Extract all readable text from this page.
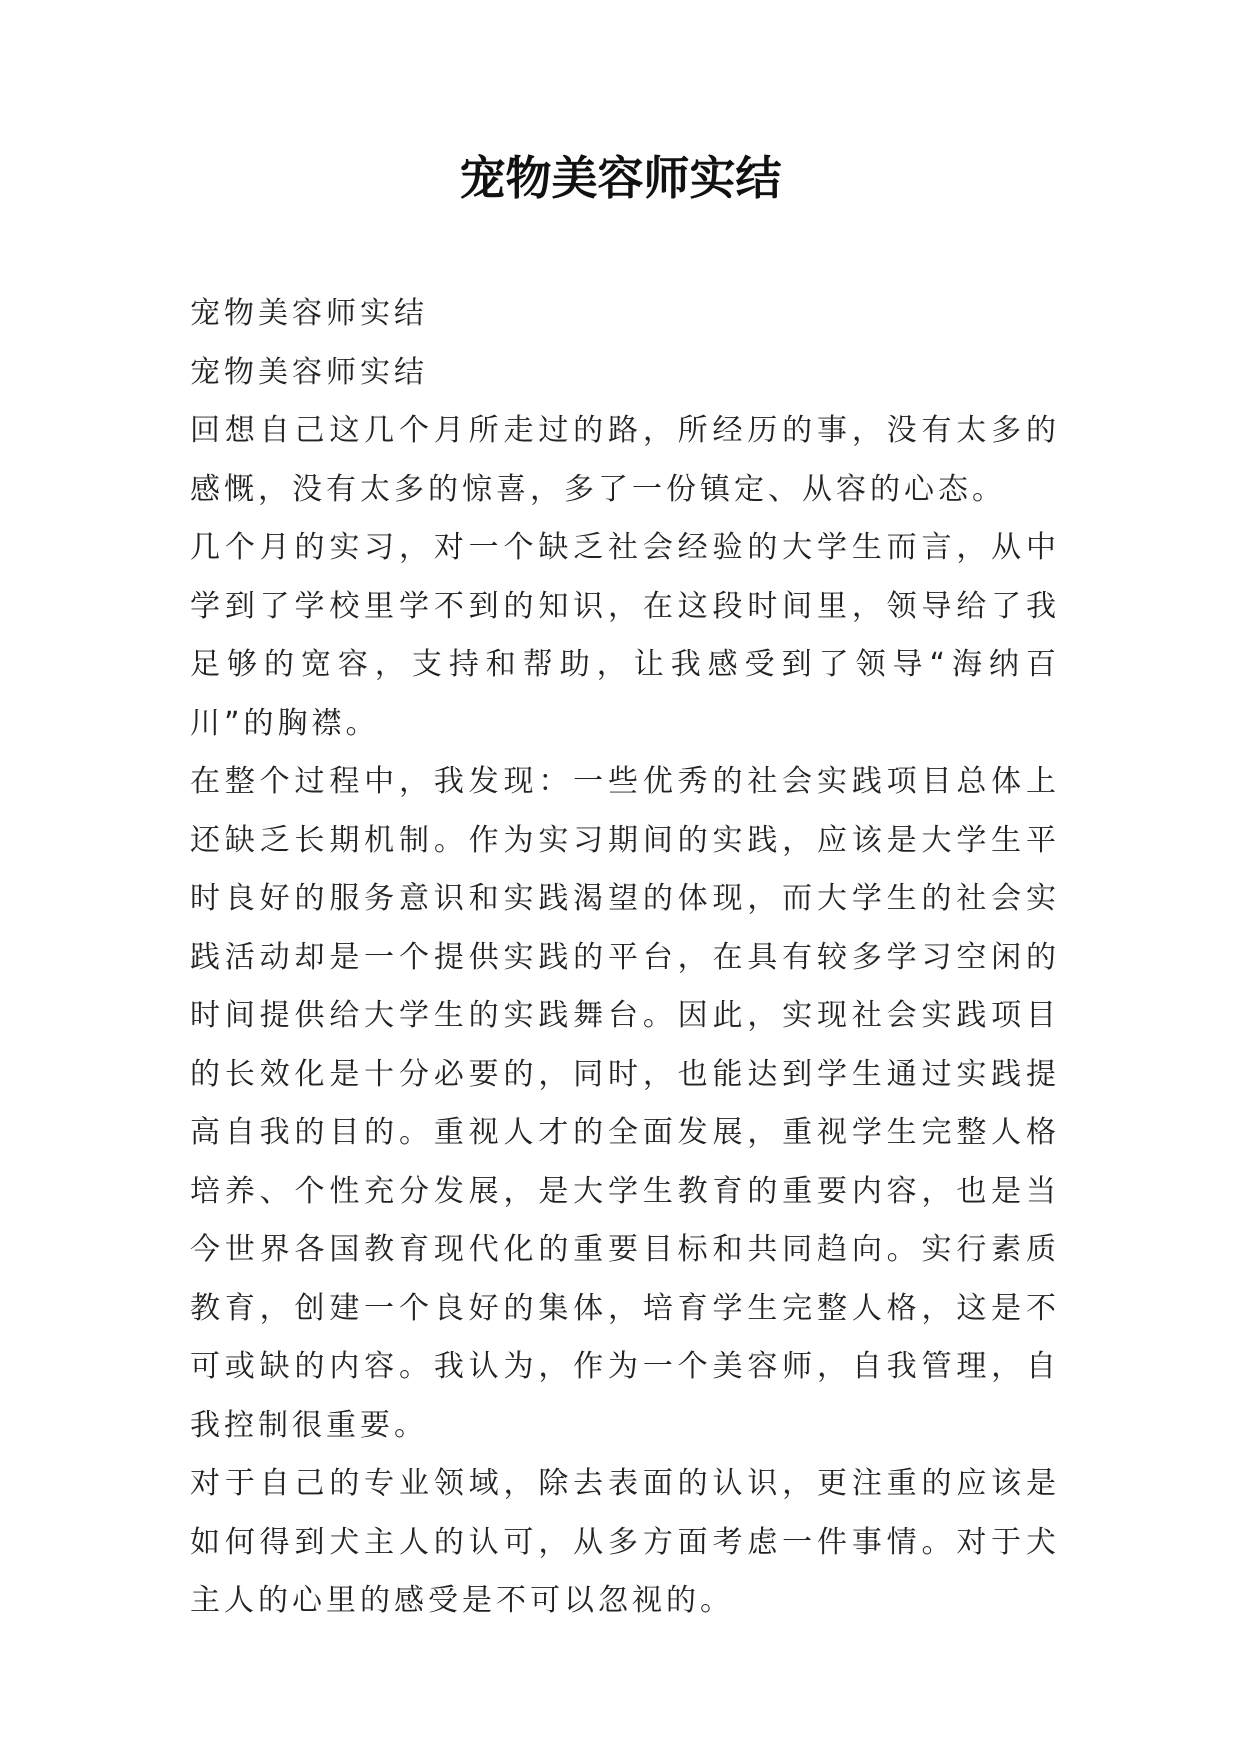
宠物美容师实结

宠物美容师实结

宠物美容师实结

回想自己这几个月所走过的路，所经历的事，没有太多的感慨，没有太多的惊喜，多了一份镇定、从容的心态。

几个月的实习，对一个缺乏社会经验的大学生而言，从中学到了学校里学不到的知识，在这段时间里，领导给了我足够的宽容，支持和帮助，让我感受到了领导“海纳百川”的胸襟。

在整个过程中，我发现：一些优秀的社会实践项目总体上还缺乏长期机制。作为实习期间的实践，应该是大学生平时良好的服务意识和实践渴望的体现，而大学生的社会实践活动却是一个提供实践的平台，在具有较多学习空闲的时间提供给大学生的实践舞台。因此，实现社会实践项目的长效化是十分必要的，同时，也能达到学生通过实践提高自我的目的。重视人才的全面发展，重视学生完整人格培养、个性充分发展，是大学生教育的重要内容，也是当今世界各国教育现代化的重要目标和共同趋向。实行素质教育，创建一个良好的集体，培育学生完整人格，这是不可或缺的内容。我认为，作为一个美容师，自我管理，自我控制很重要。

对于自己的专业领域，除去表面的认识，更注重的应该是如何得到犬主人的认可，从多方面考虑一件事情。对于犬主人的心里的感受是不可以忽视的。
